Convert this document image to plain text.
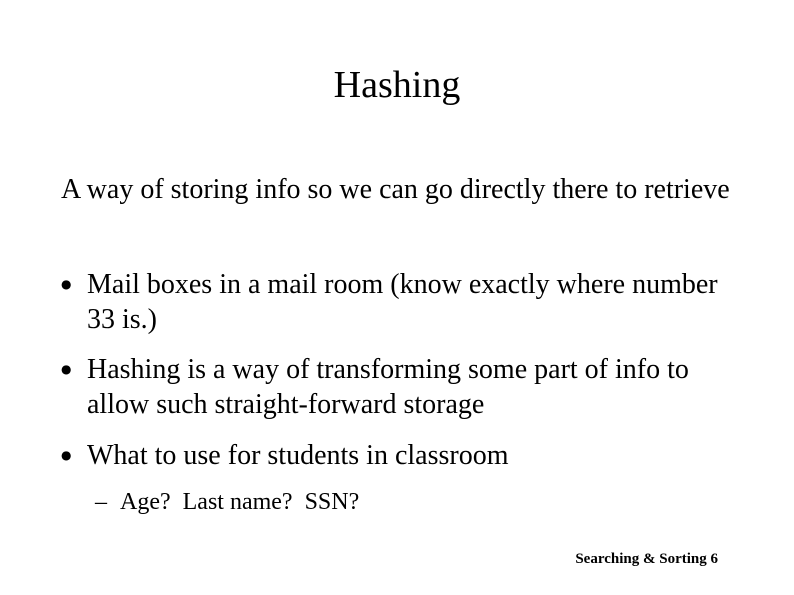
Hashing
A way of storing info so we can go directly there to retrieve
● Mail boxes in a mail room (know exactly where number 33 is.)
● Hashing is a way of transforming some part of info to allow such straight-forward storage
● What to use for students in classroom
– Age?  Last name?  SSN?
Searching & Sorting 6
